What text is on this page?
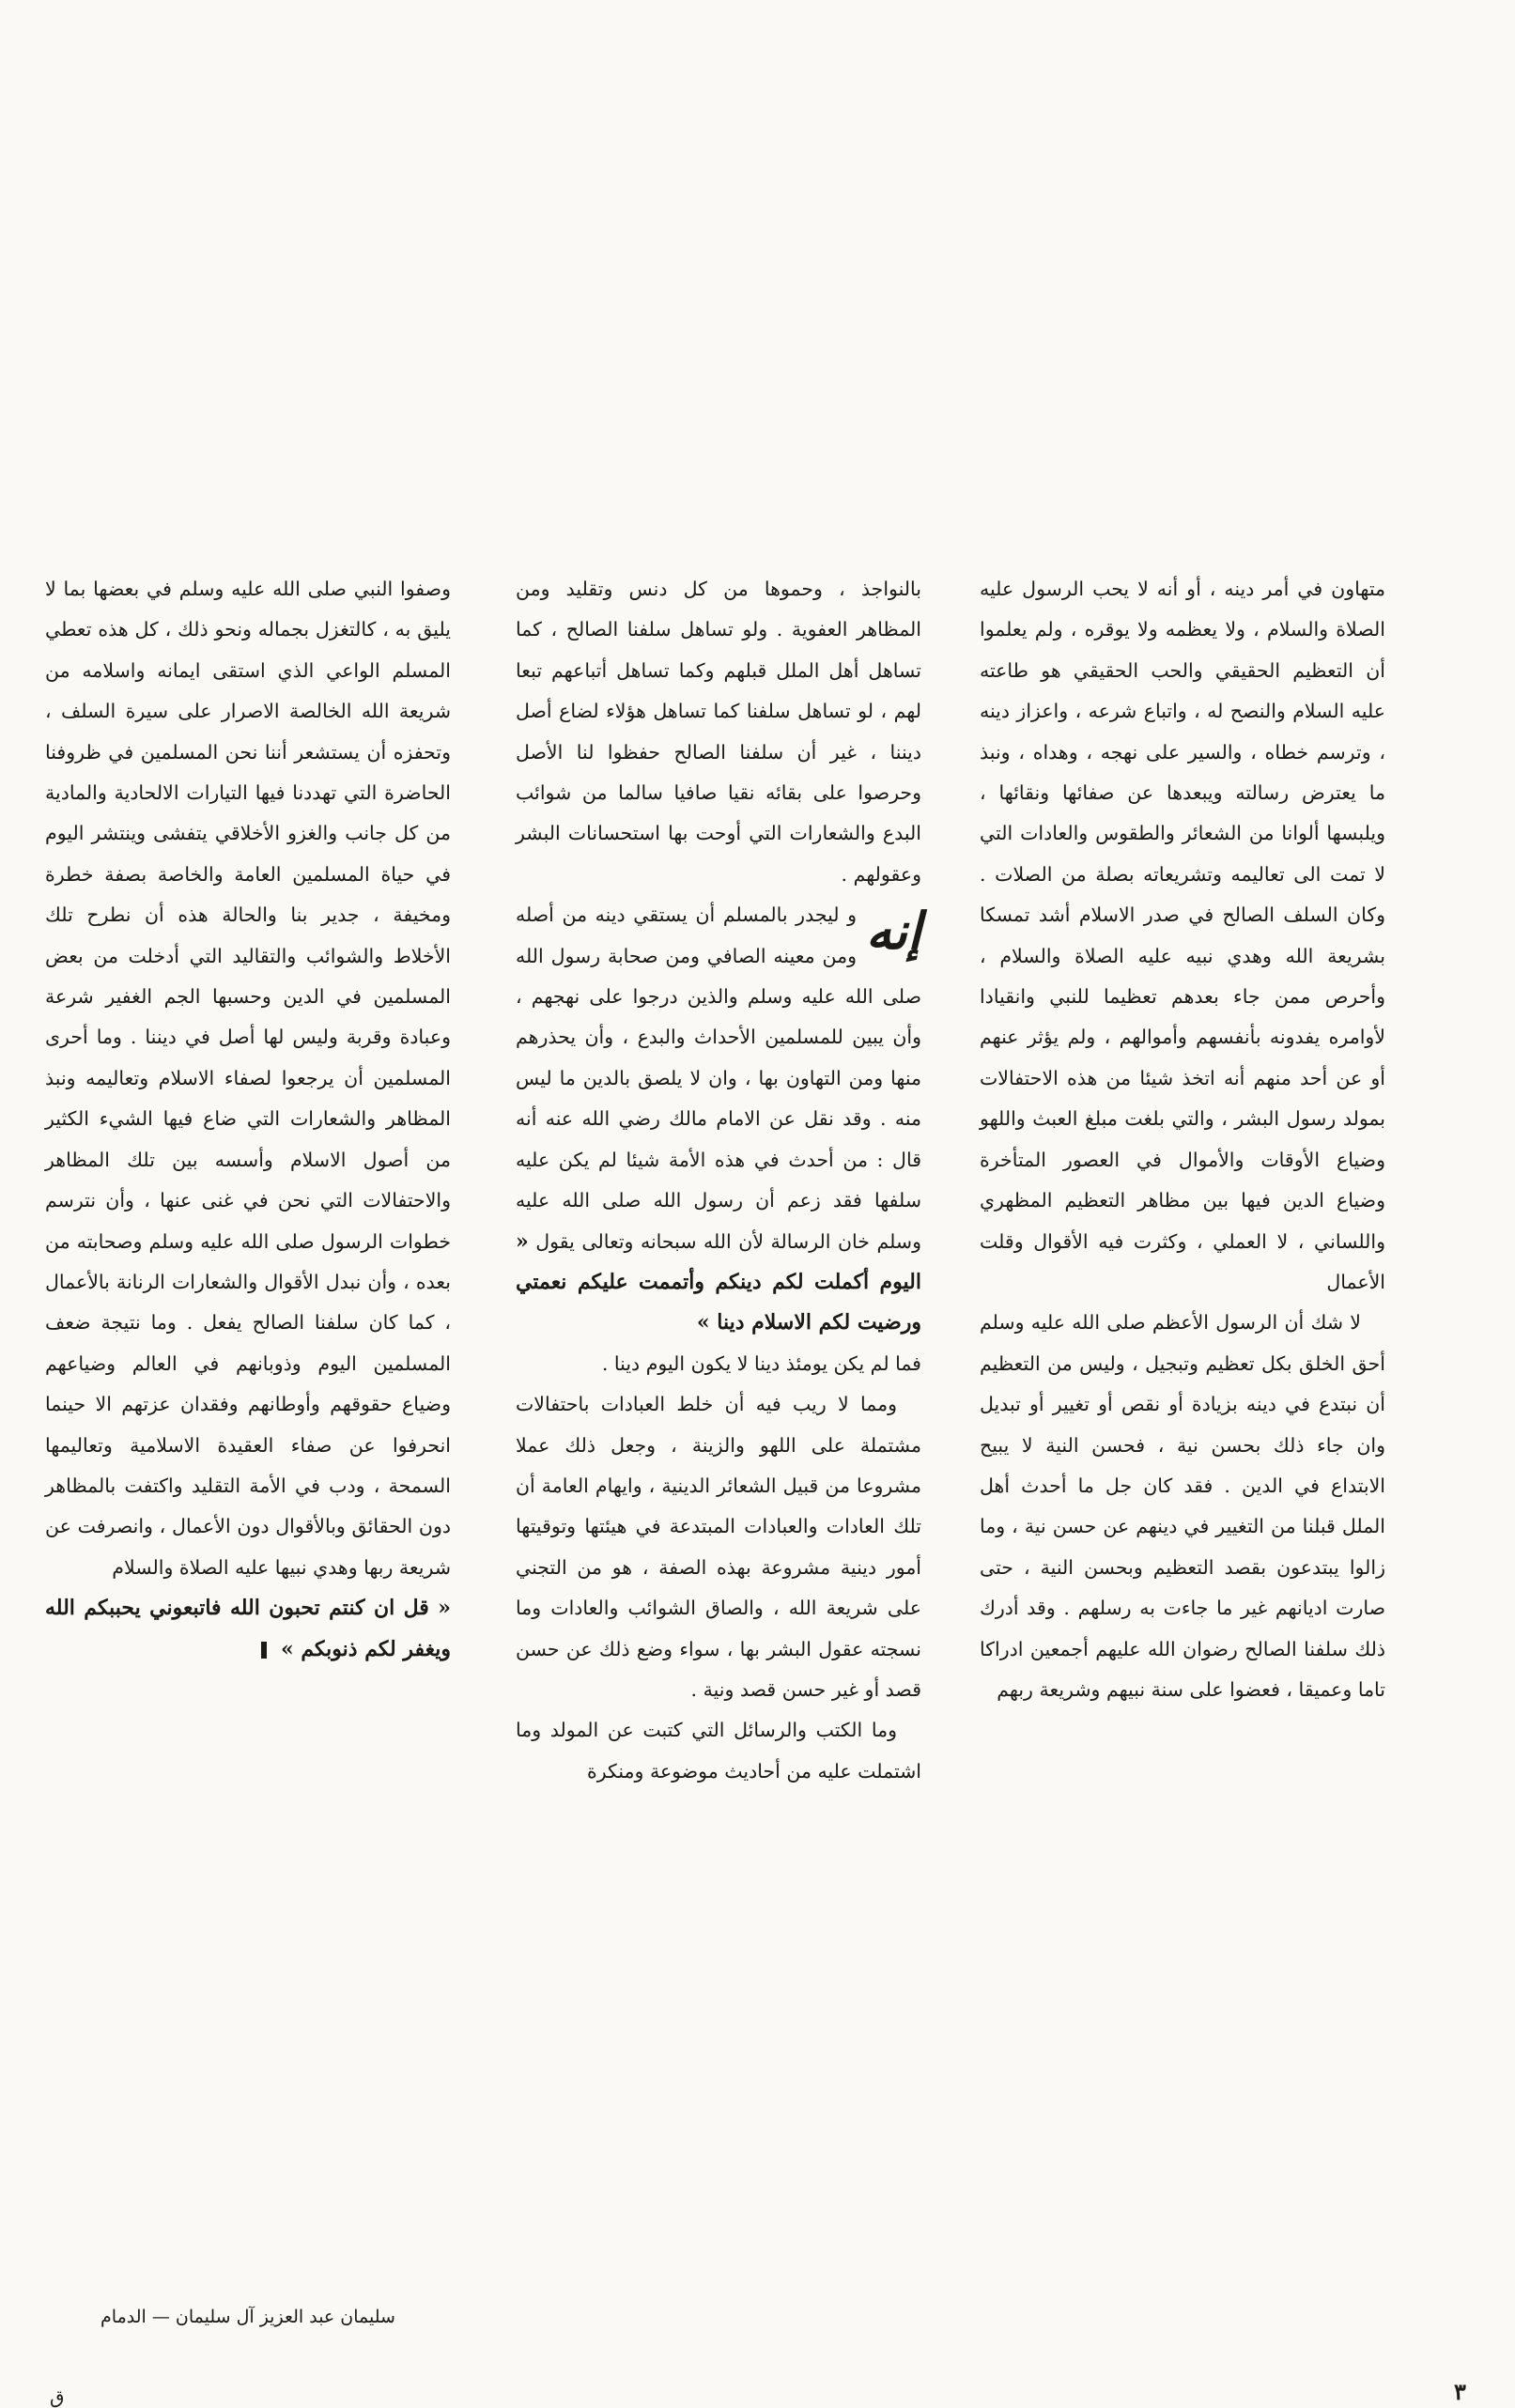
متهاون في أمر دينه ، أو أنه لا يحب الرسول عليه الصلاة والسلام ، ولا يعظمه ولا يوقره ، ولم يعلموا أن التعظيم الحقيقي والحب الحقيقي هو طاعته عليه السلام والنصح له ، واتباع شرعه ، واعزاز دينه ، وترسم خطاه ، والسير على نهجه ، وهداه ، ونبذ ما يعترض رسالته ويبعدها عن صفائها ونقائها ، ويلبسها ألوانا من الشعائر والطقوس والعادات التي لا تمت الى تعاليمه وتشريعاته بصلة من الصلات . وكان السلف الصالح في صدر الاسلام أشد تمسكا بشريعة الله وهدي نبيه عليه الصلاة والسلام ، وأحرص ممن جاء بعدهم تعظيما للنبي وانقيادا لأوامره يفدونه بأنفسهم وأموالهم ، ولم يؤثر عنهم أو عن أحد منهم أنه اتخذ شيئا من هذه الاحتفالات بمولد رسول البشر ، والتي بلغت مبلغ العبث واللهو وضياع الأوقات والأموال في العصور المتأخرة وضياع الدين فيها بين مظاهر التعظيم المظهري واللساني ، لا العملي ، وكثرت فيه الأقوال وقلت الأعمال

لا شك أن الرسول الأعظم صلى الله عليه وسلم أحق الخلق بكل تعظيم وتبجيل ، وليس من التعظيم أن نبتدع في دينه بزيادة أو نقص أو تغيير أو تبديل وان جاء ذلك بحسن نية ، فحسن النية لا يبيح الابتداع في الدين . فقد كان جل ما أحدث أهل الملل قبلنا من التغيير في دينهم عن حسن نية ، وما زالوا يبتدعون بقصد التعظيم وبحسن النية ، حتى صارت اديانهم غير ما جاءت به رسلهم . وقد أدرك ذلك سلفنا الصالح رضوان الله عليهم أجمعين ادراكا تاما وعميقا ، فعضوا على سنة نبيهم وشريعة ربهم

بالنواجذ ، وحموها من كل دنس وتقليد ومن المظاهر العفوية . ولو تساهل سلفنا الصالح ، كما تساهل أهل الملل قبلهم وكما تساهل أتباعهم تبعا لهم ، لو تساهل سلفنا كما تساهل هؤلاء لضاع أصل ديننا ، غير أن سلفنا الصالح حفظوا لنا الأصل وحرصوا على بقائه نقيا صافيا سالما من شوائب البدع والشعارات التي أوحت بها استحسانات البشر وعقولهم .

إنه
و ليجدر بالمسلم أن يستقي دينه من أصله ومن معينه الصافي ومن صحابة رسول الله صلى الله عليه وسلم والذين درجوا على نهجهم ، وأن يبين للمسلمين الأحداث والبدع ، وأن يحذرهم منها ومن التهاون بها ، وان لا يلصق بالدين ما ليس منه . وقد نقل عن الامام مالك رضي الله عنه أنه قال : من أحدث في هذه الأمة شيئا لم يكن عليه سلفها فقد زعم أن رسول الله صلى الله عليه وسلم خان الرسالة لأن الله سبحانه وتعالى يقول « اليوم أكملت لكم دينكم وأتممت عليكم نعمتي ورضيت لكم الاسلام دينا »

فما لم يكن يومئذ دينا لا يكون اليوم دينا .

ومما لا ريب فيه أن خلط العبادات باحتفالات مشتملة على اللهو والزينة ، وجعل ذلك عملا مشروعا من قبيل الشعائر الدينية ، وايهام العامة أن تلك العادات والعبادات المبتدعة في هيئتها وتوقيتها أمور دينية مشروعة بهذه الصفة ، هو من التجني على شريعة الله ، والصاق الشوائب والعادات وما نسجته عقول البشر بها ، سواء وضع ذلك عن حسن قصد أو غير حسن قصد ونية .

وما الكتب والرسائل التي كتبت عن المولد وما اشتملت عليه من أحاديث موضوعة ومنكرة

وصفوا النبي صلى الله عليه وسلم في بعضها بما لا يليق به ، كالتغزل بجماله ونحو ذلك ، كل هذه تعطي المسلم الواعي الذي استقى ايمانه واسلامه من شريعة الله الخالصة الاصرار على سيرة السلف ، وتحفزه أن يستشعر أننا نحن المسلمين في ظروفنا الحاضرة التي تهددنا فيها التيارات الالحادية والمادية من كل جانب والغزو الأخلاقي يتفشى وينتشر اليوم في حياة المسلمين العامة والخاصة بصفة خطرة ومخيفة ، جدير بنا والحالة هذه أن نطرح تلك الأخلاط والشوائب والتقاليد التي أدخلت من بعض المسلمين في الدين وحسبها الجم الغفير شرعة وعبادة وقربة وليس لها أصل في ديننا . وما أحرى المسلمين أن يرجعوا لصفاء الاسلام وتعاليمه ونبذ المظاهر والشعارات التي ضاع فيها الشيء الكثير من أصول الاسلام وأسسه بين تلك المظاهر والاحتفالات التي نحن في غنى عنها ، وأن نترسم خطوات الرسول صلى الله عليه وسلم وصحابته من بعده ، وأن نبدل الأقوال والشعارات الرنانة بالأعمال ، كما كان سلفنا الصالح يفعل . وما نتيجة ضعف المسلمين اليوم وذوبانهم في العالم وضياعهم وضياع حقوقهم وأوطانهم وفقدان عزتهم الا حينما انحرفوا عن صفاء العقيدة الاسلامية وتعاليمها السمحة ، ودب في الأمة التقليد واكتفت بالمظاهر دون الحقائق وبالأقوال دون الأعمال ، وانصرفت عن شريعة ربها وهدي نبيها عليه الصلاة والسلام

« قل ان كنتم تحبون الله فاتبعوني يحببكم الله ويغفر لكم ذنوبكم »

سليمان عبد العزيز آل سليمان — الدمام
٣
ق
